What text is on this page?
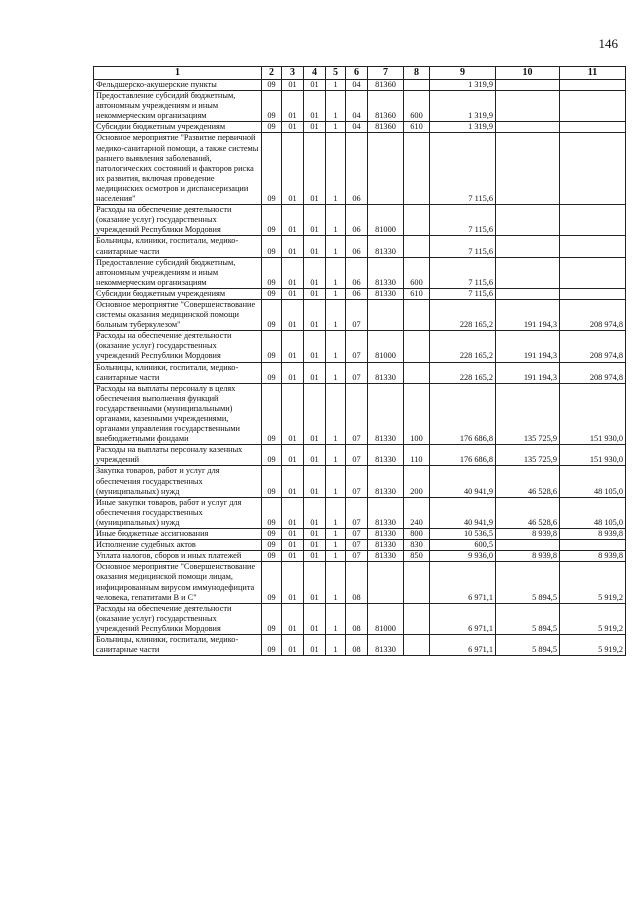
146
1	2	3	4	5	6	7	8	9	10	11
Фельдшерско-акушерские пункты	09	01	01	1	04	81360		1 319,9		
Предоставление субсидий бюджетным, автономным учреждениям и иным некоммерческим организациям	09	01	01	1	04	81360	600	1 319,9		
Субсидии бюджетным учреждениям	09	01	01	1	04	81360	610	1 319,9		
Основное мероприятие "Развитие первичной медико-санитарной помощи, а также системы раннего выявления заболеваний, патологических состояний и факторов риска их развития, включая проведение медицинских осмотров и диспансеризации населения"	09	01	01	1	06			7 115,6		
Расходы на обеспечение деятельности (оказание услуг) государственных учреждений Республики Мордовия	09	01	01	1	06	81000		7 115,6		
Больницы, клиники, госпитали, медико-санитарные части	09	01	01	1	06	81330		7 115,6		
Предоставление субсидий бюджетным, автономным учреждениям и иным некоммерческим организациям	09	01	01	1	06	81330	600	7 115,6		
Субсидии бюджетным учреждениям	09	01	01	1	06	81330	610	7 115,6		
Основное мероприятие "Совершенствование системы оказания медицинской помощи больным туберкулезом"	09	01	01	1	07			228 165,2	191 194,3	208 974,8
Расходы на обеспечение деятельности (оказание услуг) государственных учреждений Республики Мордовия	09	01	01	1	07	81000		228 165,2	191 194,3	208 974,8
Больницы, клиники, госпитали, медико-санитарные части	09	01	01	1	07	81330		228 165,2	191 194,3	208 974,8
Расходы на выплаты персоналу в целях обеспечения выполнения функций государственными (муниципальными) органами, казенными учреждениями, органами управления государственными внебюджетными фондами	09	01	01	1	07	81330	100	176 686,8	135 725,9	151 930,0
Расходы на выплаты персоналу казенных учреждений	09	01	01	1	07	81330	110	176 686,8	135 725,9	151 930,0
Закупка товаров, работ и услуг для обеспечения государственных (муниципальных) нужд	09	01	01	1	07	81330	200	40 941,9	46 528,6	48 105,0
Иные закупки товаров, работ и услуг для обеспечения государственных (муниципальных) нужд	09	01	01	1	07	81330	240	40 941,9	46 528,6	48 105,0
Иные бюджетные ассигнования	09	01	01	1	07	81330	800	10 536,5	8 939,8	8 939,8
Исполнение судебных актов	09	01	01	1	07	81330	830	600,5		
Уплата налогов, сборов и иных платежей	09	01	01	1	07	81330	850	9 936,0	8 939,8	8 939,8
Основное мероприятие "Совершенствование оказания медицинской помощи лицам, инфицированным вирусом иммунодефицита человека, гепатитами B и C"	09	01	01	1	08			6 971,1	5 894,5	5 919,2
Расходы на обеспечение деятельности (оказание услуг) государственных учреждений Республики Мордовия	09	01	01	1	08	81000		6 971,1	5 894,5	5 919,2
Больницы, клиники, госпитали, медико-санитарные части	09	01	01	1	08	81330		6 971,1	5 894,5	5 919,2
